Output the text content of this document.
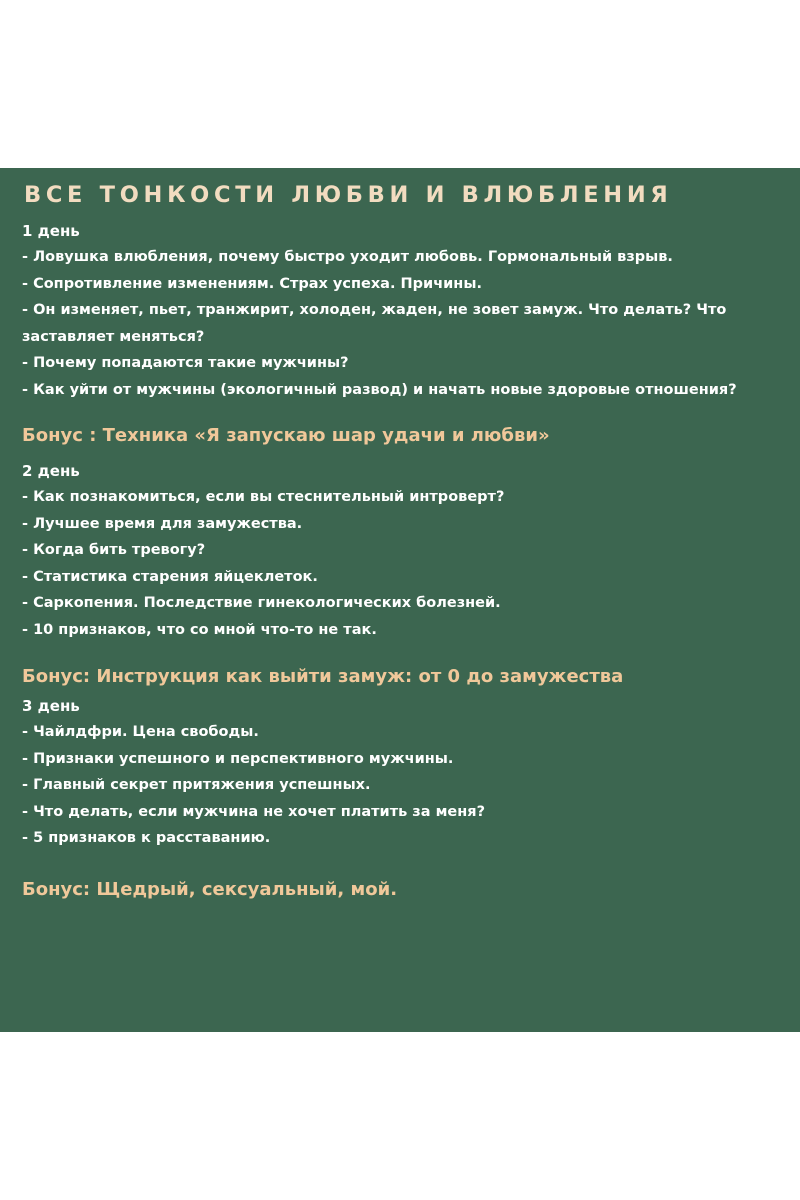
ВСЕ ТОНКОСТИ ЛЮБВИ И ВЛЮБЛЕНИЯ
1 день
- Ловушка влюбления, почему быстро уходит любовь. Гормональный взрыв.
- Сопротивление изменениям. Страх успеха. Причины.
- Он изменяет, пьет, транжирит, холоден, жаден, не зовет замуж. Что делать? Что заставляет меняться?
- Почему попадаются такие мужчины?
- Как уйти от мужчины (экологичный развод) и начать новые здоровые отношения?
Бонус : Техника «Я запускаю шар удачи и любви»
2 день
- Как познакомиться, если вы стеснительный интроверт?
- Лучшее время для замужества.
- Когда бить тревогу?
- Статистика старения яйцеклеток.
- Саркопения. Последствие гинекологических болезней.
- 10 признаков, что со мной что-то не так.
Бонус: Инструкция как выйти замуж: от 0 до замужества
3 день
- Чайлдфри. Цена свободы.
- Признаки успешного и перспективного мужчины.
- Главный секрет притяжения успешных.
- Что делать, если мужчина не хочет платить за меня?
- 5 признаков к расставанию.
Бонус: Щедрый, сексуальный, мой.
